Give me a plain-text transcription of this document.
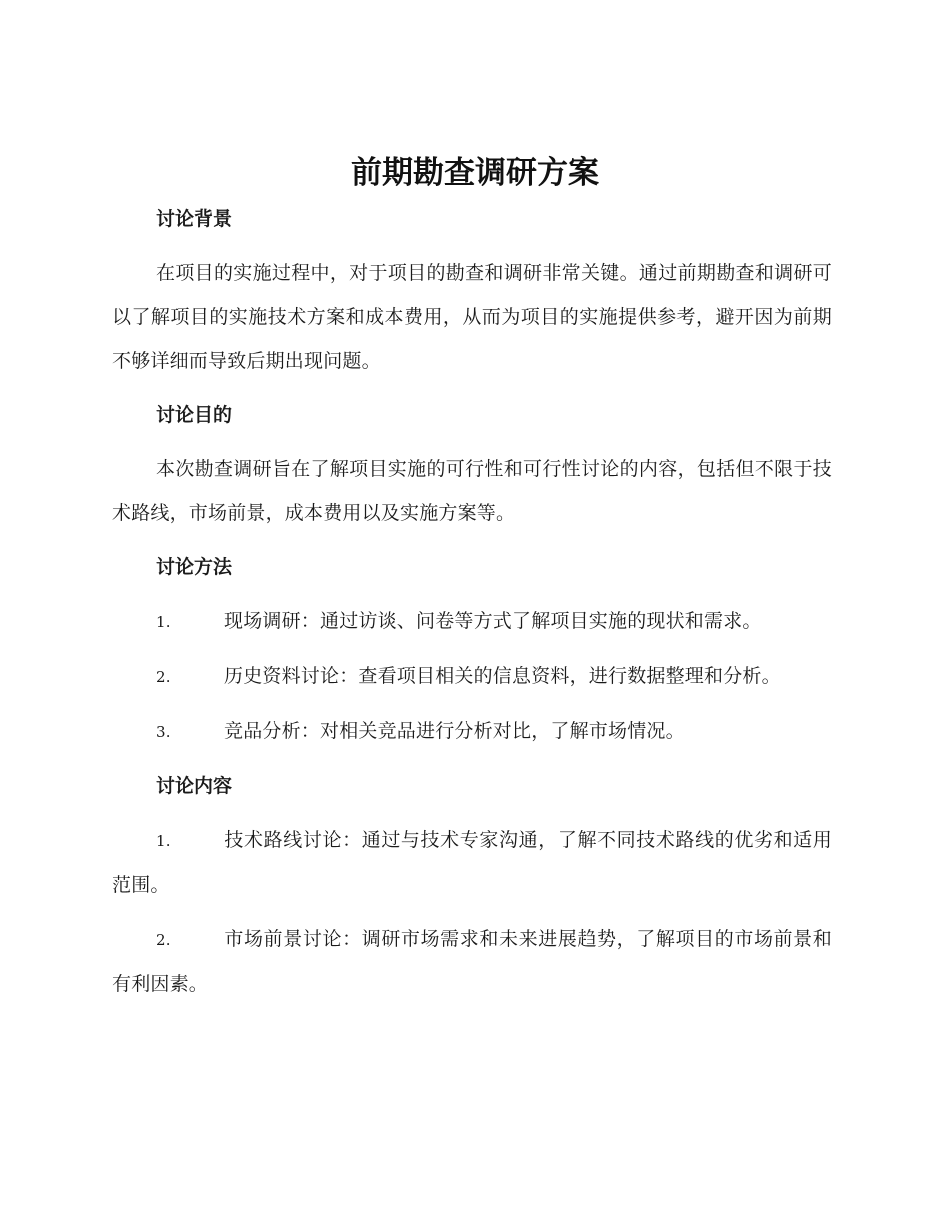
前期勘查调研方案

讨论背景

在项目的实施过程中，对于项目的勘查和调研非常关键。通过前期勘查和调研可以了解项目的实施技术方案和成本费用，从而为项目的实施提供参考，避开因为前期不够详细而导致后期出现问题。

讨论目的

本次勘查调研旨在了解项目实施的可行性和可行性讨论的内容，包括但不限于技术路线，市场前景，成本费用以及实施方案等。

讨论方法

1.	现场调研：通过访谈、问卷等方式了解项目实施的现状和需求。

2.	历史资料讨论：查看项目相关的信息资料，进行数据整理和分析。

3.	竞品分析：对相关竞品进行分析对比，了解市场情况。

讨论内容

1.	技术路线讨论：通过与技术专家沟通，了解不同技术路线的优劣和适用范围。

2.	市场前景讨论：调研市场需求和未来进展趋势，了解项目的市场前景和有利因素。
